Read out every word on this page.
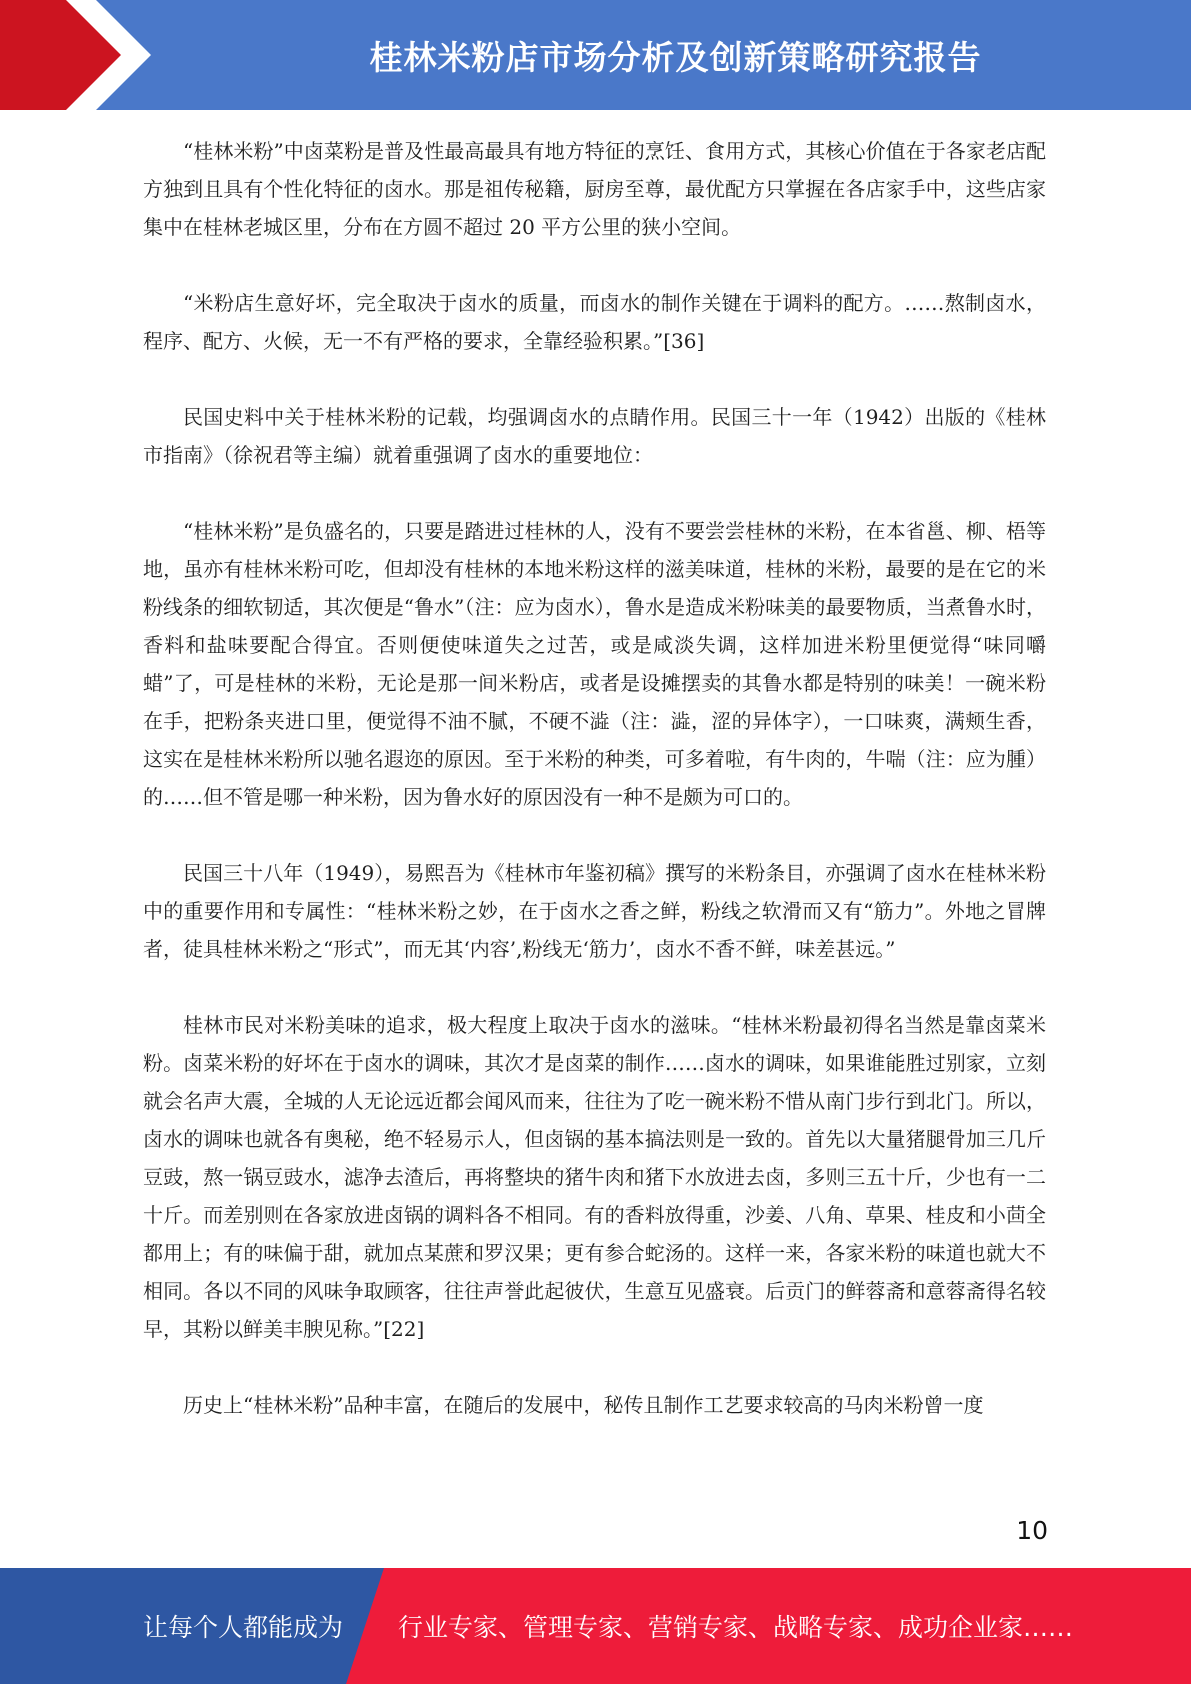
桂林米粉店市场分析及创新策略研究报告

“桂林米粉”中卤菜粉是普及性最高最具有地方特征的烹饪、食用方式，其核心价值在于各家老店配方独到且具有个性化特征的卤水。那是祖传秘籍，厨房至尊，最优配方只掌握在各店家手中，这些店家集中在桂林老城区里，分布在方圆不超过 20 平方公里的狭小空间。

“米粉店生意好坏，完全取决于卤水的质量，而卤水的制作关键在于调料的配方。……熬制卤水，程序、配方、火候，无一不有严格的要求，全靠经验积累。”[36]

民国史料中关于桂林米粉的记载，均强调卤水的点睛作用。民国三十一年（1942）出版的《桂林市指南》（徐祝君等主编）就着重强调了卤水的重要地位：

“桂林米粉”是负盛名的，只要是踏进过桂林的人，没有不要尝尝桂林的米粉，在本省邕、柳、梧等地，虽亦有桂林米粉可吃，但却没有桂林的本地米粉这样的滋美味道，桂林的米粉，最要的是在它的米粉线条的细软韧适，其次便是“鲁水”（注：应为卤水），鲁水是造成米粉味美的最要物质，当煮鲁水时，香料和盐味要配合得宜。否则便使味道失之过苦，或是咸淡失调，这样加进米粉里便觉得“味同嚼蜡”了，可是桂林的米粉，无论是那一间米粉店，或者是设摊摆卖的其鲁水都是特别的味美！一碗米粉在手，把粉条夹进口里，便觉得不油不腻，不硬不澁（注：澁，涩的异体字），一口味爽，满颊生香，这实在是桂林米粉所以驰名遐迩的原因。至于米粉的种类，可多着啦，有牛肉的，牛喘（注：应为腫）的……但不管是哪一种米粉，因为鲁水好的原因没有一种不是颇为可口的。

民国三十八年（1949），易熙吾为《桂林市年鉴初稿》撰写的米粉条目，亦强调了卤水在桂林米粉中的重要作用和专属性：“桂林米粉之妙，在于卤水之香之鲜，粉线之软滑而又有“筋力”。外地之冒牌者，徒具桂林米粉之“形式”，而无其‘内容’,粉线无‘筋力’，卤水不香不鲜，味差甚远。”

桂林市民对米粉美味的追求，极大程度上取决于卤水的滋味。“桂林米粉最初得名当然是靠卤菜米粉。卤菜米粉的好坏在于卤水的调味，其次才是卤菜的制作……卤水的调味，如果谁能胜过别家，立刻就会名声大震，全城的人无论远近都会闻风而来，往往为了吃一碗米粉不惜从南门步行到北门。所以，卤水的调味也就各有奥秘，绝不轻易示人，但卤锅的基本搞法则是一致的。首先以大量猪腿骨加三几斤豆豉，熬一锅豆豉水，滤净去渣后，再将整块的猪牛肉和猪下水放进去卤，多则三五十斤，少也有一二十斤。而差别则在各家放进卤锅的调料各不相同。有的香料放得重，沙姜、八角、草果、桂皮和小茴全都用上；有的味偏于甜，就加点某蔗和罗汉果；更有参合蛇汤的。这样一来，各家米粉的味道也就大不相同。各以不同的风味争取顾客，往往声誉此起彼伏，生意互见盛衰。后贡门的鲜蓉斋和意蓉斋得名较早，其粉以鲜美丰腴见称。”[22]

历史上“桂林米粉”品种丰富，在随后的发展中，秘传且制作工艺要求较高的马肉米粉曾一度

10
让每个人都能成为 行业专家、管理专家、营销专家、战略专家、成功企业家……
